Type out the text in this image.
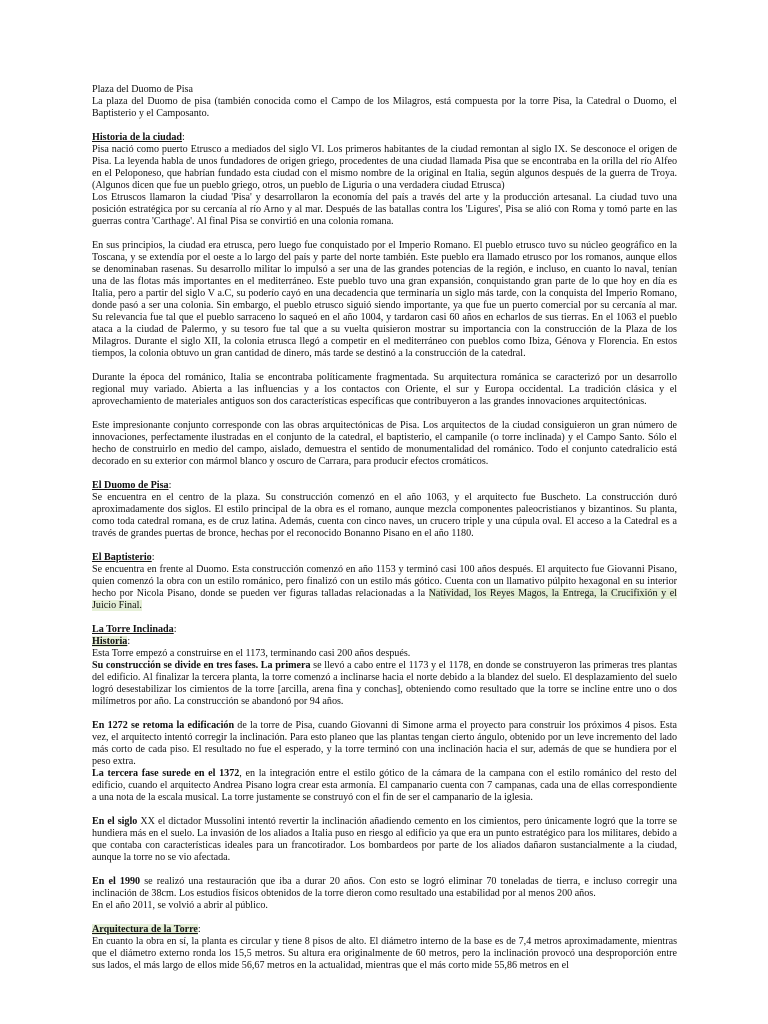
Plaza del Duomo de Pisa

La plaza del Duomo de pisa (también conocida como el Campo de los Milagros, está compuesta por la torre Pisa, la Catedral o Duomo, el Baptisterio y el Camposanto.

Historia de la ciudad:

Pisa nació como puerto Etrusco a mediados del siglo VI. Los primeros habitantes de la ciudad remontan al siglo IX. Se desconoce el origen de Pisa. La leyenda habla de unos fundadores de origen griego, procedentes de una ciudad llamada Pisa que se encontraba en la orilla del río Alfeo en el Peloponeso, que habrían fundado esta ciudad con el mismo nombre de la original en Italia, según algunos después de la guerra de Troya. (Algunos dicen que fue un pueblo griego, otros, un pueblo de Liguria o una verdadera ciudad Etrusca)

Los Etruscos llamaron la ciudad 'Pisa' y desarrollaron la economía del país a través del arte y la producción artesanal. La ciudad tuvo una posición estratégica por su cercanía al río Arno y al mar. Después de las batallas contra los 'Ligures', Pisa se alió con Roma y tomó parte en las guerras contra 'Carthage'. Al final Pisa se convirtió en una colonia romana.

En sus principios, la ciudad era etrusca, pero luego fue conquistado por el Imperio Romano. El pueblo etrusco tuvo su núcleo geográfico en la Toscana, y se extendía por el oeste a lo largo del país y parte del norte también. Este pueblo era llamado etrusco por los romanos, aunque ellos se denominaban rasenas. Su desarrollo militar lo impulsó a ser una de las grandes potencias de la región, e incluso, en cuanto lo naval, tenían una de las flotas más importantes en el mediterráneo. Este pueblo tuvo una gran expansión, conquistando gran parte de lo que hoy en día es Italia, pero a partir del siglo V a.C, su poderío cayó en una decadencia que terminaría un siglo más tarde, con la conquista del Imperio Romano, donde pasó a ser una colonia. Sin embargo, el pueblo etrusco siguió siendo importante, ya que fue un puerto comercial por su cercanía al mar. Su relevancia fue tal que el pueblo sarraceno lo saqueó en el año 1004, y tardaron casi 60 años en echarlos de sus tierras. En el 1063 el pueblo ataca a la ciudad de Palermo, y su tesoro fue tal que a su vuelta quisieron mostrar su importancia con la construcción de la Plaza de los Milagros. Durante el siglo XII, la colonia etrusca llegó a competir en el mediterráneo con pueblos como Ibiza, Génova y Florencia. En estos tiempos, la colonia obtuvo un gran cantidad de dinero, más tarde se destinó a la construcción de la catedral.

Durante la época del románico, Italia se encontraba políticamente fragmentada. Su arquitectura románica se caracterizó por un desarrollo regional muy variado. Abierta a las influencias y a los contactos con Oriente, el sur y Europa occidental. La tradición clásica y el aprovechamiento de materiales antiguos son dos características específicas que contribuyeron a las grandes innovaciones arquitectónicas.

Este impresionante conjunto corresponde con las obras arquitectónicas de Pisa. Los arquitectos de la ciudad consiguieron un gran número de innovaciones, perfectamente ilustradas en el conjunto de la catedral, el baptisterio, el campanile (o torre inclinada) y el Campo Santo. Sólo el hecho de construirlo en medio del campo, aislado, demuestra el sentido de monumentalidad del románico. Todo el conjunto catedralicio está decorado en su exterior con mármol blanco y oscuro de Carrara, para producir efectos cromáticos.

El Duomo de Pisa:

Se encuentra en el centro de la plaza. Su construcción comenzó en el año 1063, y el arquitecto fue Buscheto. La construcción duró aproximadamente dos siglos. El estilo principal de la obra es el romano, aunque mezcla componentes paleocristianos y bizantinos. Su planta, como toda catedral romana, es de cruz latina. Además, cuenta con cinco naves, un crucero triple y una cúpula oval. El acceso a la Catedral es a través de grandes puertas de bronce, hechas por el reconocido Bonanno Pisano en el año 1180.

El Baptisterio:

Se encuentra en frente al Duomo. Esta construcción comenzó en año 1153 y terminó casi 100 años después. El arquitecto fue Giovanni Pisano, quien comenzó la obra con un estilo románico, pero finalizó con un estilo más gótico. Cuenta con un llamativo púlpito hexagonal en su interior hecho por Nicola Pisano, donde se pueden ver figuras talladas relacionadas a la Natividad, los Reyes Magos, la Entrega, la Crucifixión y el Juicio Final.

La Torre Inclinada:

Historia:

Esta Torre empezó a construirse en el 1173, terminando casi 200 años después.

Su construcción se divide en tres fases. La primera se llevó a cabo entre el 1173 y el 1178, en donde se construyeron las primeras tres plantas del edificio. Al finalizar la tercera planta, la torre comenzó a inclinarse hacia el norte debido a la blandez del suelo. El desplazamiento del suelo logró desestabilizar los cimientos de la torre [arcilla, arena fina y conchas], obteniendo como resultado que la torre se incline entre uno o dos milímetros por año. La construcción se abandonó por 94 años.

En 1272 se retoma la edificación de la torre de Pisa, cuando Giovanni di Simone arma el proyecto para construir los próximos 4 pisos. Esta vez, el arquitecto intentó corregir la inclinación. Para esto planeo que las plantas tengan cierto ángulo, obtenido por un leve incremento del lado más corto de cada piso. El resultado no fue el esperado, y la torre terminó con una inclinación hacia el sur, además de que se hundiera por el peso extra.

La tercera fase surede en el 1372, en la integración entre el estilo gótico de la cámara de la campana con el estilo románico del resto del edificio, cuando el arquitecto Andrea Pisano logra crear esta armonía. El campanario cuenta con 7 campanas, cada una de ellas correspondiente a una nota de la escala musical. La torre justamente se construyó con el fin de ser el campanario de la iglesia.

En el siglo XX el dictador Mussolini intentó revertir la inclinación añadiendo cemento en los cimientos, pero únicamente logró que la torre se hundiera más en el suelo. La invasión de los aliados a Italia puso en riesgo al edificio ya que era un punto estratégico para los militares, debido a que contaba con características ideales para un francotirador. Los bombardeos por parte de los aliados dañaron sustancialmente a la ciudad, aunque la torre no se vio afectada.

En el 1990 se realizó una restauración que iba a durar 20 años. Con esto se logró eliminar 70 toneladas de tierra, e incluso corregir una inclinación de 38cm. Los estudios físicos obtenidos de la torre dieron como resultado una estabilidad por al menos 200 años.

En el año 2011, se volvió a abrir al público.

Arquitectura de la Torre:

En cuanto la obra en sí, la planta es circular y tiene 8 pisos de alto. El diámetro interno de la base es de 7,4 metros aproximadamente, mientras que el diámetro externo ronda los 15,5 metros. Su altura era originalmente de 60 metros, pero la inclinación provocó una desproporción entre sus lados, el más largo de ellos mide 56,67 metros en la actualidad, mientras que el más corto mide 55,86 metros en el
